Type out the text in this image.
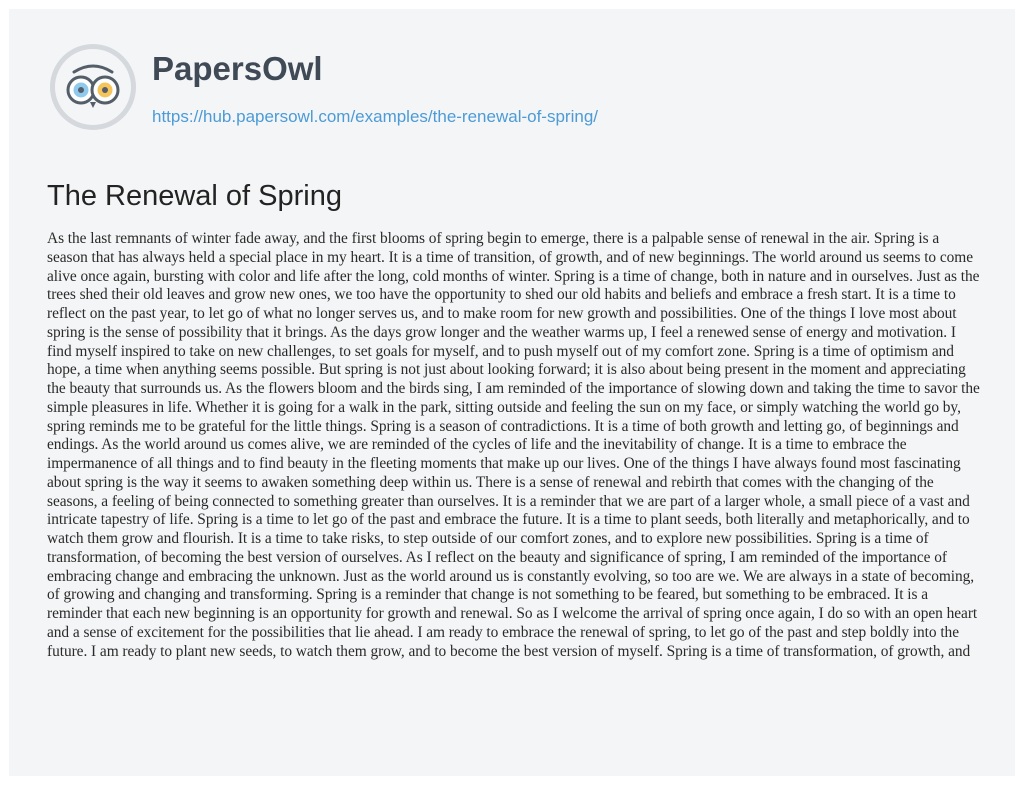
PapersOwl
https://hub.papersowl.com/examples/the-renewal-of-spring/
The Renewal of Spring

As the last remnants of winter fade away, and the first blooms of spring begin to emerge, there is a palpable sense of renewal in the air. Spring is a season that has always held a special place in my heart. It is a time of transition, of growth, and of new beginnings. The world around us seems to come alive once again, bursting with color and life after the long, cold months of winter. Spring is a time of change, both in nature and in ourselves. Just as the trees shed their old leaves and grow new ones, we too have the opportunity to shed our old habits and beliefs and embrace a fresh start. It is a time to reflect on the past year, to let go of what no longer serves us, and to make room for new growth and possibilities. One of the things I love most about spring is the sense of possibility that it brings. As the days grow longer and the weather warms up, I feel a renewed sense of energy and motivation. I find myself inspired to take on new challenges, to set goals for myself, and to push myself out of my comfort zone. Spring is a time of optimism and hope, a time when anything seems possible. But spring is not just about looking forward; it is also about being present in the moment and appreciating the beauty that surrounds us. As the flowers bloom and the birds sing, I am reminded of the importance of slowing down and taking the time to savor the simple pleasures in life. Whether it is going for a walk in the park, sitting outside and feeling the sun on my face, or simply watching the world go by, spring reminds me to be grateful for the little things. Spring is a season of contradictions. It is a time of both growth and letting go, of beginnings and endings. As the world around us comes alive, we are reminded of the cycles of life and the inevitability of change. It is a time to embrace the impermanence of all things and to find beauty in the fleeting moments that make up our lives. One of the things I have always found most fascinating about spring is the way it seems to awaken something deep within us. There is a sense of renewal and rebirth that comes with the changing of the seasons, a feeling of being connected to something greater than ourselves. It is a reminder that we are part of a larger whole, a small piece of a vast and intricate tapestry of life. Spring is a time to let go of the past and embrace the future. It is a time to plant seeds, both literally and metaphorically, and to watch them grow and flourish. It is a time to take risks, to step outside of our comfort zones, and to explore new possibilities. Spring is a time of transformation, of becoming the best version of ourselves. As I reflect on the beauty and significance of spring, I am reminded of the importance of embracing change and embracing the unknown. Just as the world around us is constantly evolving, so too are we. We are always in a state of becoming, of growing and changing and transforming. Spring is a reminder that change is not something to be feared, but something to be embraced. It is a reminder that each new beginning is an opportunity for growth and renewal. So as I welcome the arrival of spring once again, I do so with an open heart and a sense of excitement for the possibilities that lie ahead. I am ready to embrace the renewal of spring, to let go of the past and step boldly into the future. I am ready to plant new seeds, to watch them grow, and to become the best version of myself. Spring is a time of transformation, of growth, and
